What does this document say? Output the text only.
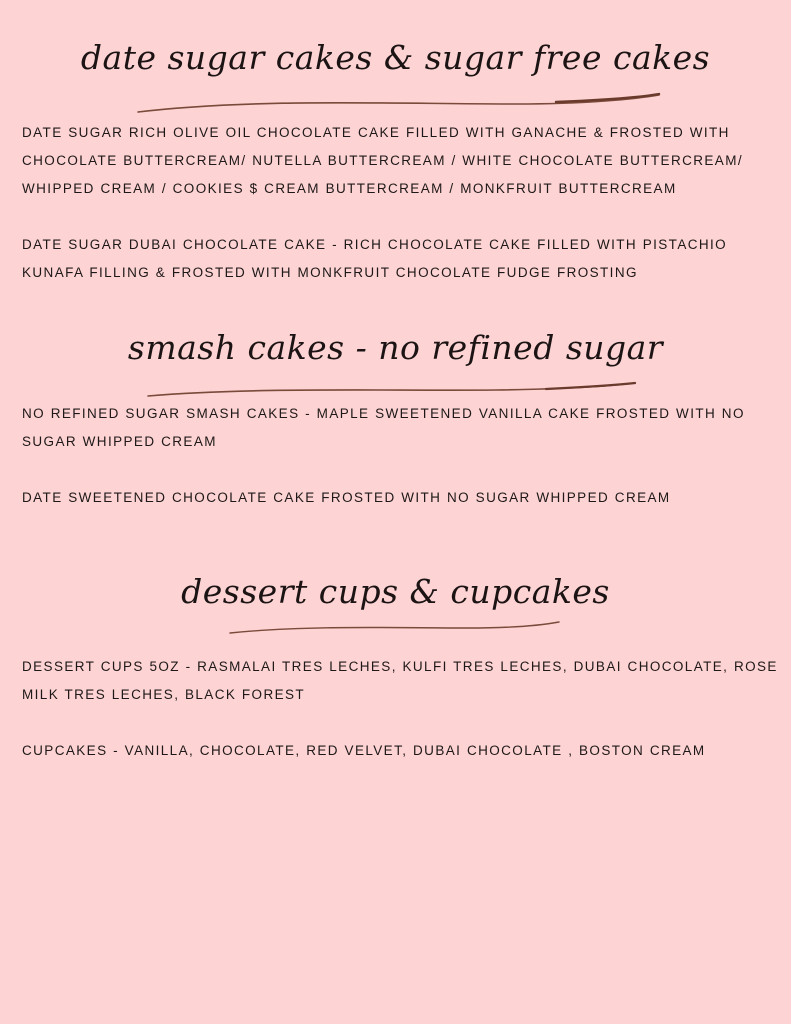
date sugar cakes & sugar free cakes

DATE SUGAR RICH OLIVE OIL CHOCOLATE CAKE FILLED WITH GANACHE & FROSTED WITH CHOCOLATE BUTTERCREAM/ NUTELLA BUTTERCREAM / WHITE CHOCOLATE BUTTERCREAM/ WHIPPED CREAM / COOKIES $ CREAM BUTTERCREAM / MONKFRUIT BUTTERCREAM

DATE SUGAR DUBAI CHOCOLATE CAKE - RICH CHOCOLATE CAKE FILLED WITH PISTACHIO KUNAFA FILLING & FROSTED WITH MONKFRUIT CHOCOLATE FUDGE FROSTING

smash cakes - no refined sugar

NO REFINED SUGAR SMASH CAKES - MAPLE SWEETENED VANILLA CAKE FROSTED WITH NO SUGAR WHIPPED CREAM

DATE SWEETENED CHOCOLATE CAKE FROSTED WITH NO SUGAR WHIPPED CREAM

dessert cups & cupcakes

DESSERT CUPS 5OZ - RASMALAI TRES LECHES, KULFI TRES LECHES, DUBAI CHOCOLATE, ROSE MILK TRES LECHES, BLACK FOREST

CUPCAKES - VANILLA, CHOCOLATE, RED VELVET, DUBAI CHOCOLATE , BOSTON CREAM
